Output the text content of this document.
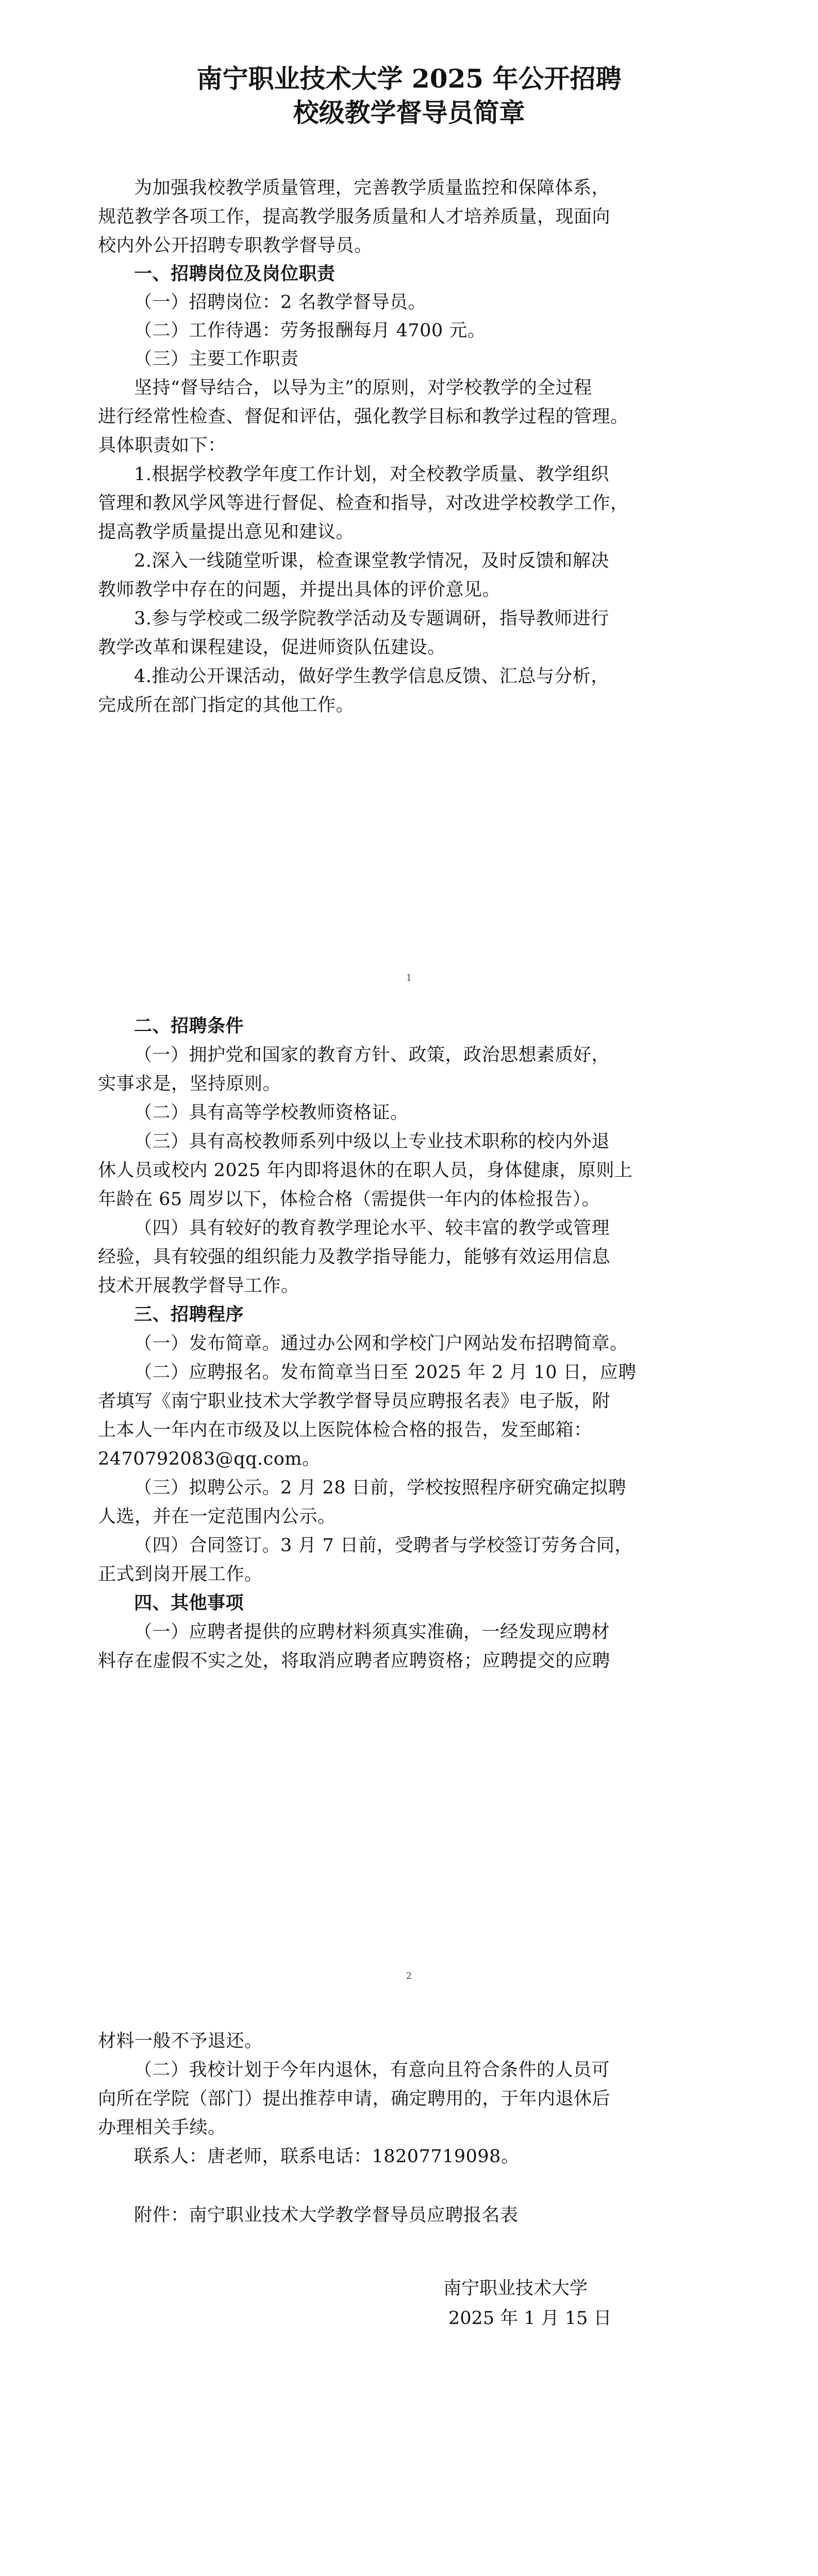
南宁职业技术大学 2025 年公开招聘
校级教学督导员简章
为加强我校教学质量管理，完善教学质量监控和保障体系，
规范教学各项工作，提高教学服务质量和人才培养质量，现面向
校内外公开招聘专职教学督导员。
一、招聘岗位及岗位职责
（一）招聘岗位：2 名教学督导员。
（二）工作待遇：劳务报酬每月 4700 元。
（三）主要工作职责
坚持“督导结合，以导为主”的原则，对学校教学的全过程
进行经常性检查、督促和评估，强化教学目标和教学过程的管理。
具体职责如下：
1.根据学校教学年度工作计划，对全校教学质量、教学组织
管理和教风学风等进行督促、检查和指导，对改进学校教学工作，
提高教学质量提出意见和建议。
2.深入一线随堂听课，检查课堂教学情况，及时反馈和解决
教师教学中存在的问题，并提出具体的评价意见。
3.参与学校或二级学院教学活动及专题调研，指导教师进行
教学改革和课程建设，促进师资队伍建设。
4.推动公开课活动，做好学生教学信息反馈、汇总与分析，
完成所在部门指定的其他工作。
1
二、招聘条件
（一）拥护党和国家的教育方针、政策，政治思想素质好，
实事求是，坚持原则。
（二）具有高等学校教师资格证。
（三）具有高校教师系列中级以上专业技术职称的校内外退
休人员或校内 2025 年内即将退休的在职人员，身体健康，原则上
年龄在 65 周岁以下，体检合格（需提供一年内的体检报告）。
（四）具有较好的教育教学理论水平、较丰富的教学或管理
经验，具有较强的组织能力及教学指导能力，能够有效运用信息
技术开展教学督导工作。
三、招聘程序
（一）发布简章。通过办公网和学校门户网站发布招聘简章。
（二）应聘报名。发布简章当日至 2025 年 2 月 10 日，应聘
者填写《南宁职业技术大学教学督导员应聘报名表》电子版，附
上本人一年内在市级及以上医院体检合格的报告，发至邮箱：
2470792083@qq.com。
（三）拟聘公示。2 月 28 日前，学校按照程序研究确定拟聘
人选，并在一定范围内公示。
（四）合同签订。3 月 7 日前，受聘者与学校签订劳务合同，
正式到岗开展工作。
四、其他事项
（一）应聘者提供的应聘材料须真实准确，一经发现应聘材
料存在虚假不实之处，将取消应聘者应聘资格；应聘提交的应聘
2
材料一般不予退还。
（二）我校计划于今年内退休，有意向且符合条件的人员可
向所在学院（部门）提出推荐申请，确定聘用的，于年内退休后
办理相关手续。
联系人：唐老师，联系电话：18207719098。
附件：南宁职业技术大学教学督导员应聘报名表
南宁职业技术大学
2025 年 1 月 15 日
